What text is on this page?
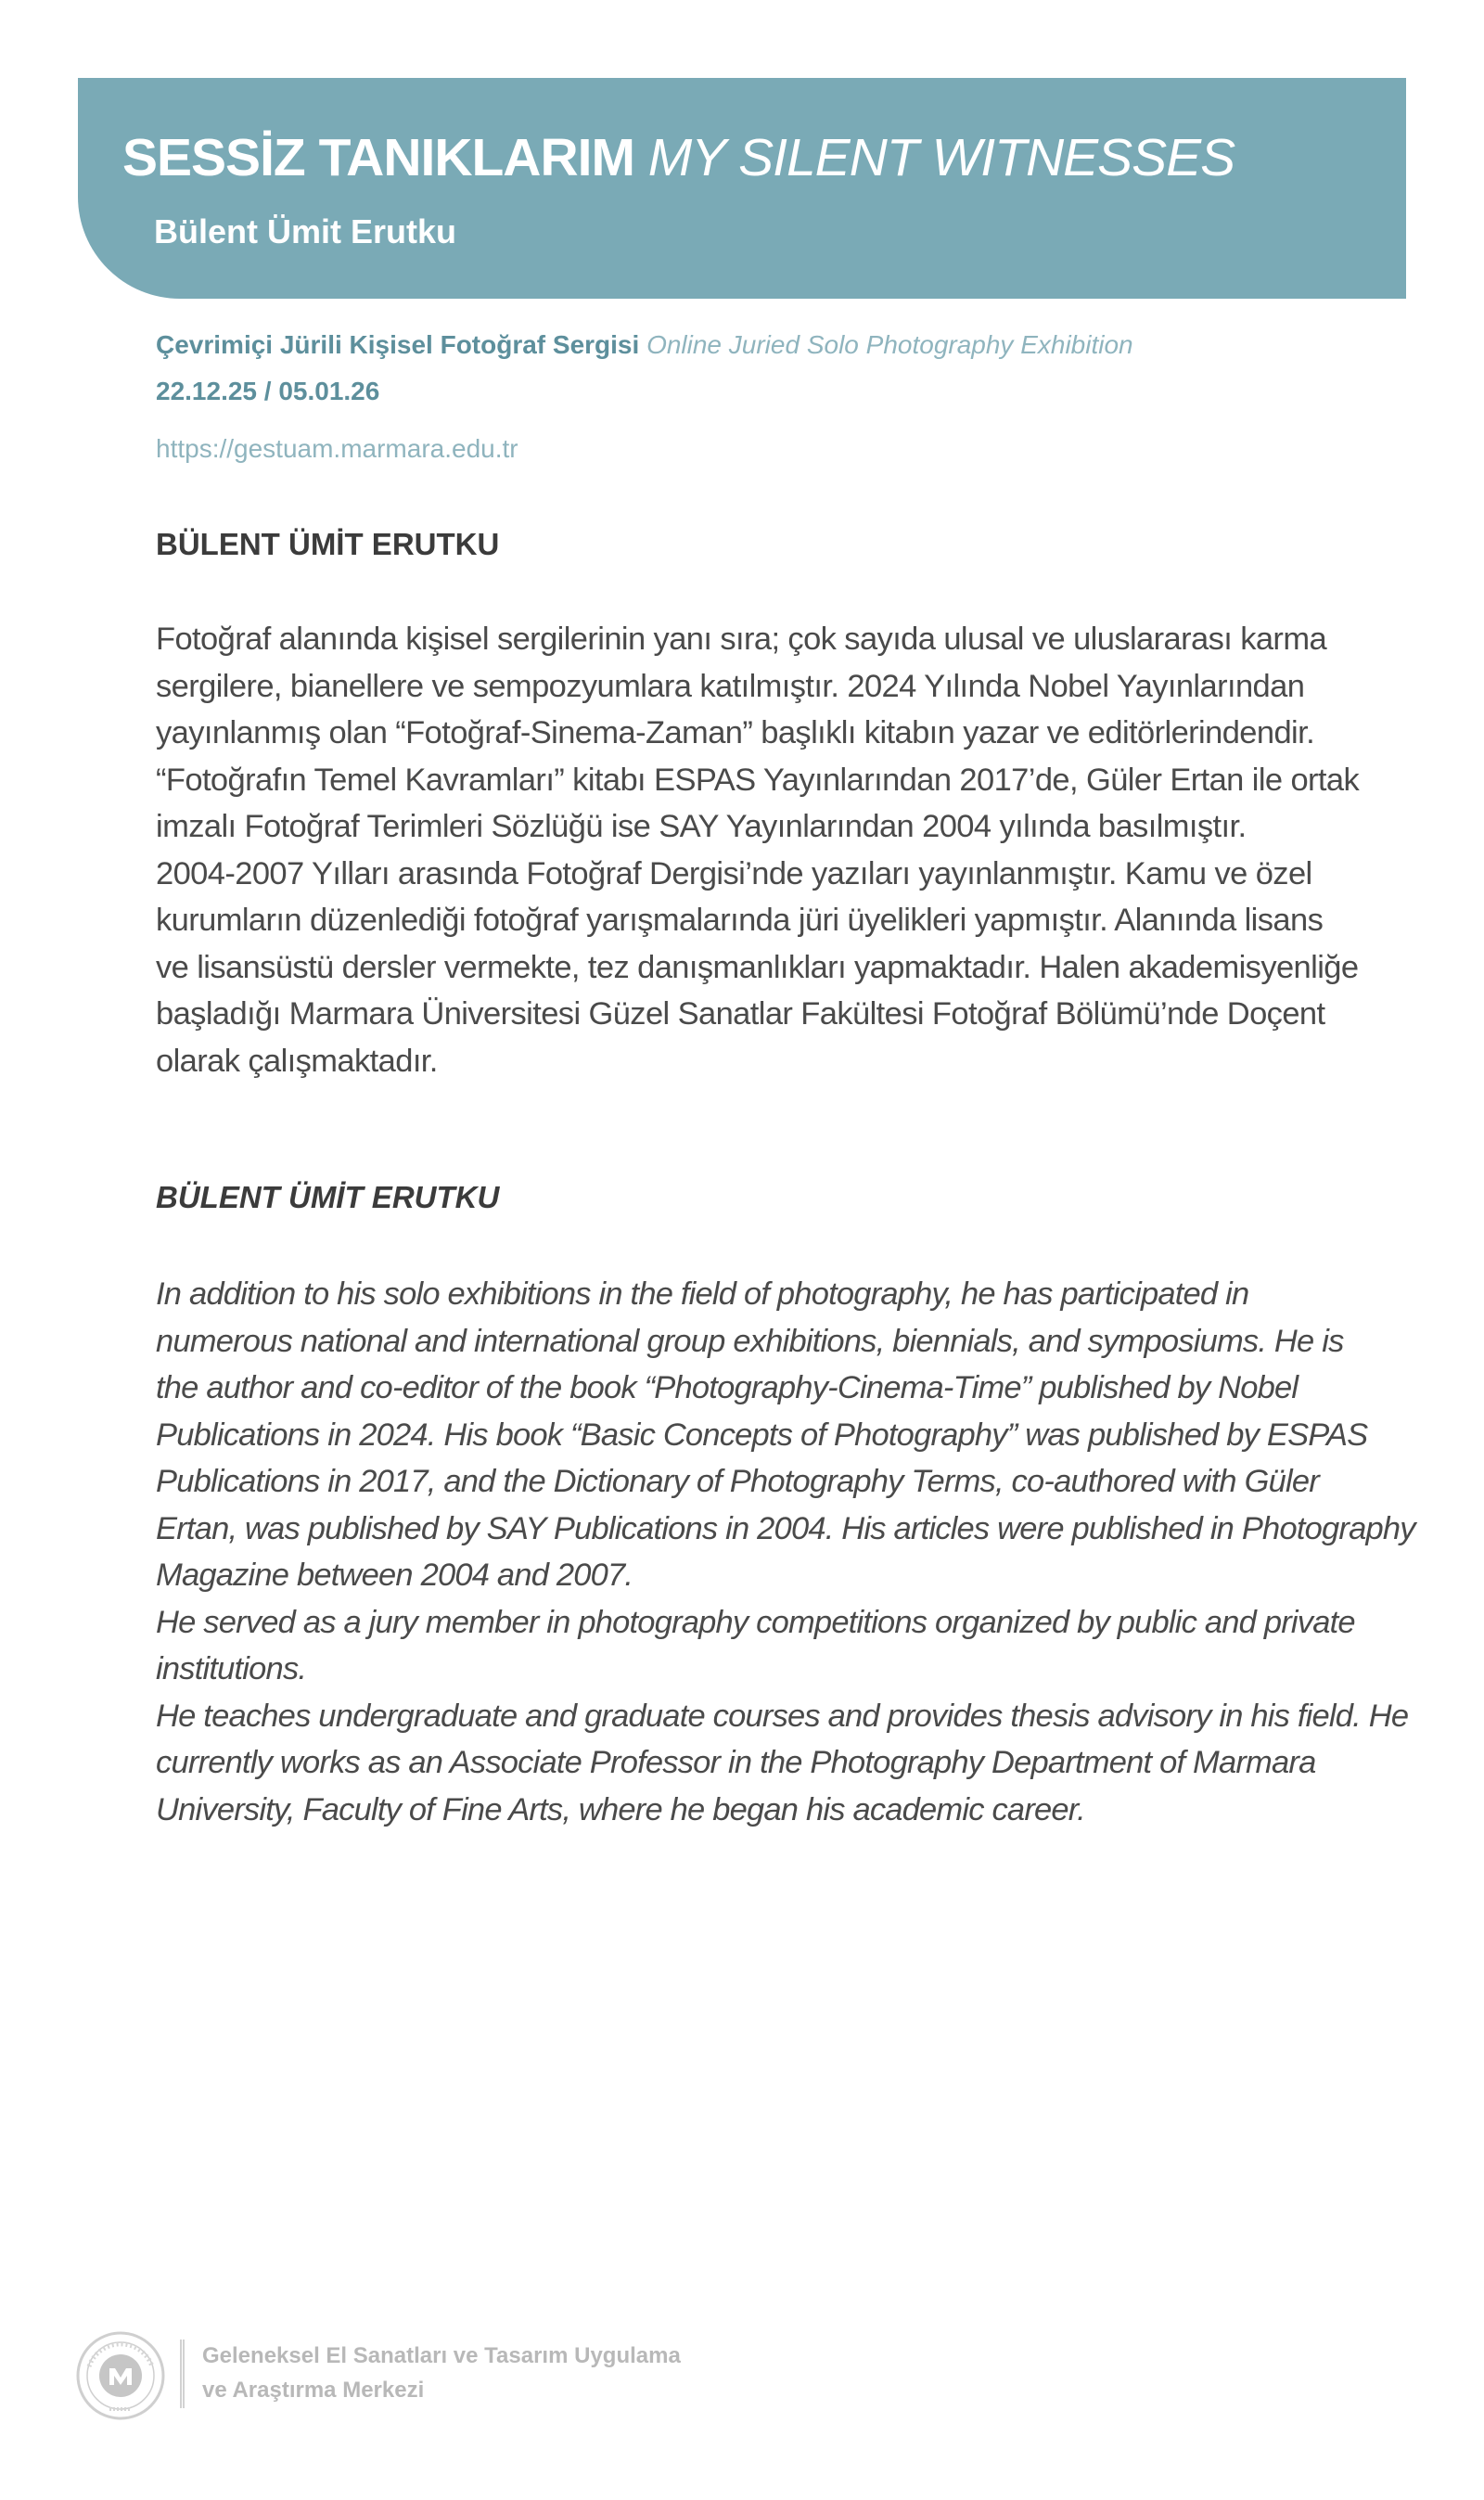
SESSİZ TANIKLARIM MY SILENT WITNESSES
Bülent Ümit Erutku
Çevrimiçi Jürili Kişisel Fotoğraf Sergisi Online Juried Solo Photography Exhibition
22.12.25 / 05.01.26
https://gestuam.marmara.edu.tr
BÜLENT ÜMİT ERUTKU
Fotoğraf alanında kişisel sergilerinin yanı sıra; çok sayıda ulusal ve uluslararası karma
sergilere, bianellere ve sempozyumlara katılmıştır. 2024 Yılında Nobel Yayınlarından
yayınlanmış olan “Fotoğraf-Sinema-Zaman” başlıklı kitabın yazar ve editörlerindendir.
“Fotoğrafın Temel Kavramları” kitabı ESPAS Yayınlarından 2017’de, Güler Ertan ile ortak
imzalı Fotoğraf Terimleri Sözlüğü ise SAY Yayınlarından 2004 yılında basılmıştır.
2004-2007 Yılları arasında Fotoğraf Dergisi’nde yazıları yayınlanmıştır. Kamu ve özel
kurumların düzenlediği fotoğraf yarışmalarında jüri üyelikleri yapmıştır. Alanında lisans
ve lisansüstü dersler vermekte, tez danışmanlıkları yapmaktadır. Halen akademisyenliğe
başladığı Marmara Üniversitesi Güzel Sanatlar Fakültesi Fotoğraf Bölümü’nde Doçent
olarak çalışmaktadır.
BÜLENT ÜMİT ERUTKU
In addition to his solo exhibitions in the field of photography, he has participated in
numerous national and international group exhibitions, biennials, and symposiums. He is
the author and co-editor of the book “Photography-Cinema-Time” published by Nobel
Publications in 2024. His book “Basic Concepts of Photography” was published by ESPAS
Publications in 2017, and the Dictionary of Photography Terms, co-authored with Güler
Ertan, was published by SAY Publications in 2004. His articles were published in Photography
Magazine between 2004 and 2007.
He served as a jury member in photography competitions organized by public and private
institutions.
He teaches undergraduate and graduate courses and provides thesis advisory in his field. He
currently works as an Associate Professor in the Photography Department of Marmara
University, Faculty of Fine Arts, where he began his academic career.
Geleneksel El Sanatları ve Tasarım Uygulama
ve Araştırma Merkezi
